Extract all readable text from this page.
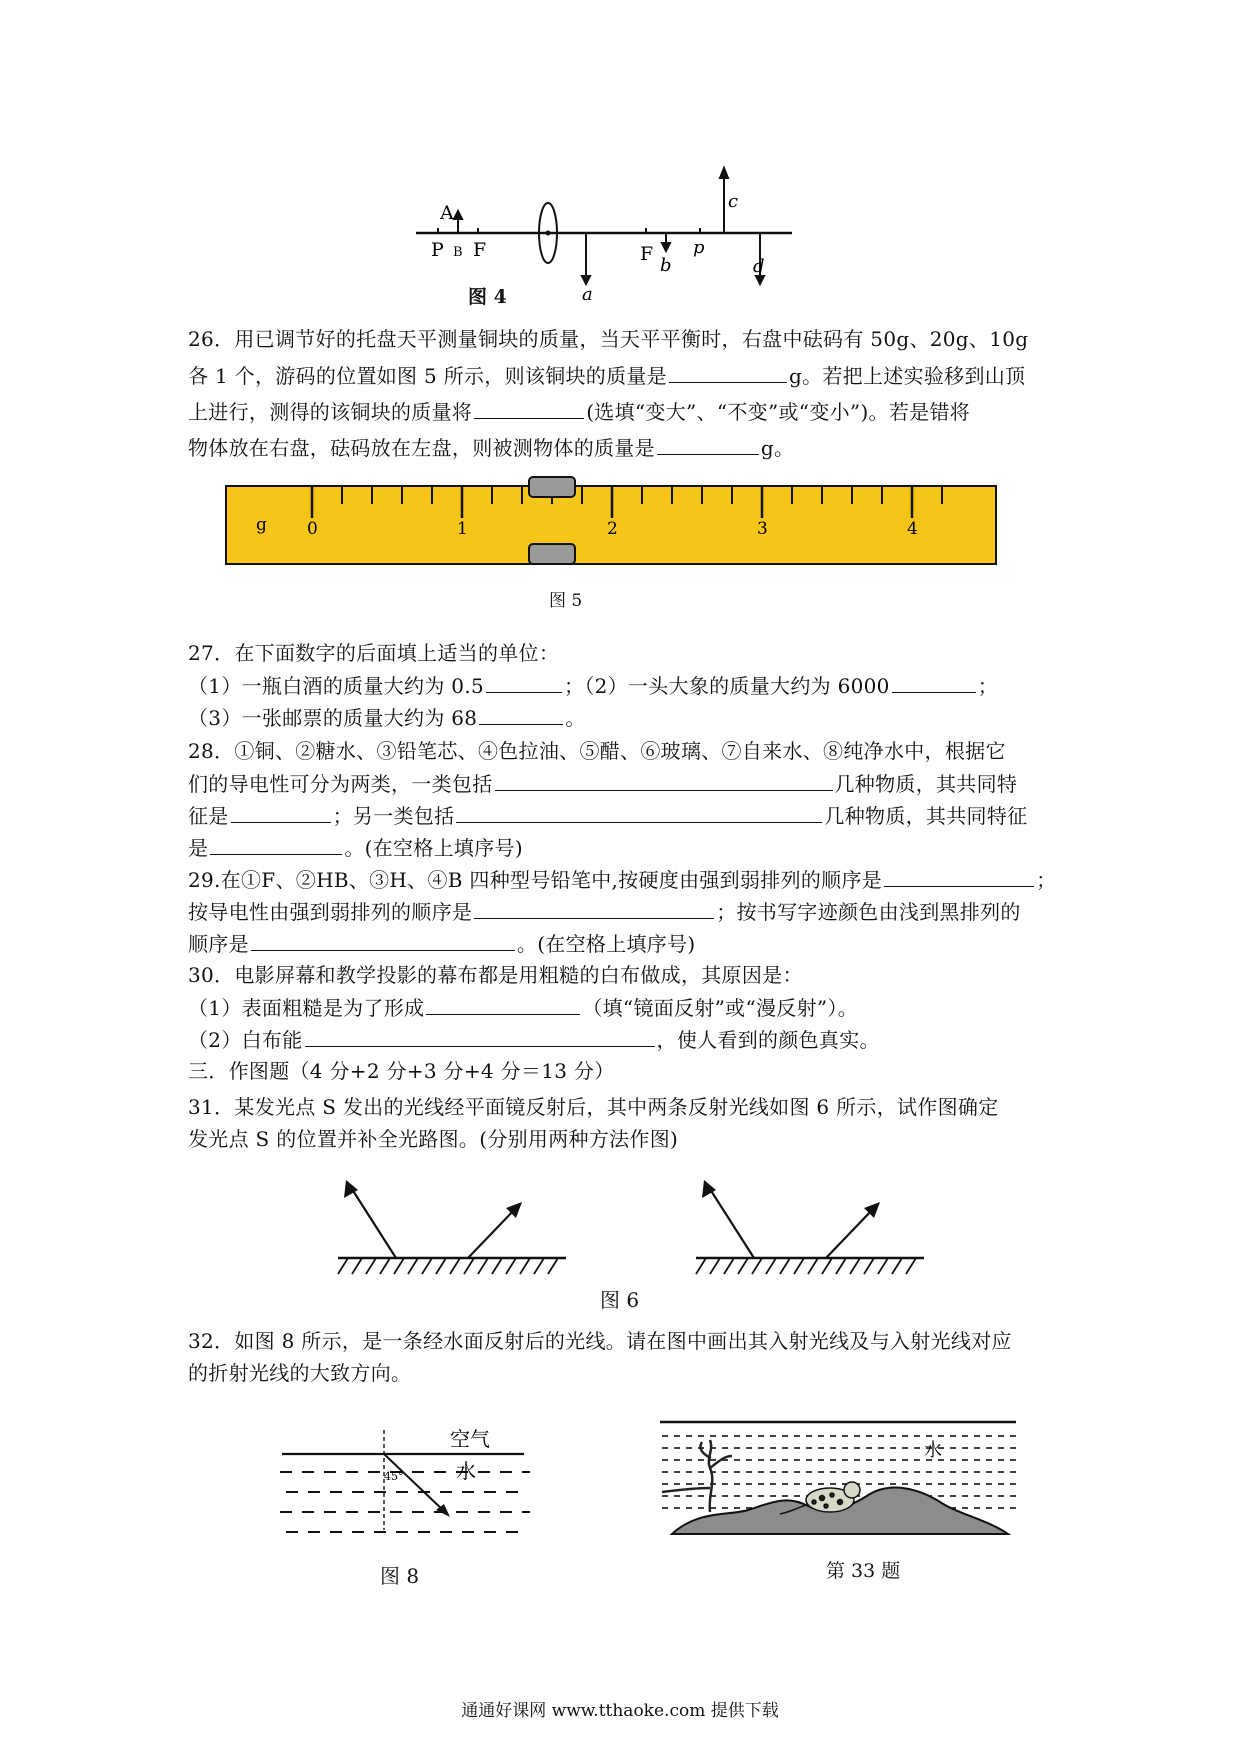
A
P B F	F p
a
b
c
d
图 4
26．用已调节好的托盘天平测量铜块的质量，当天平平衡时，右盘中砝码有 50g、20g、10g
各 1 个，游码的位置如图 5 所示，则该铜块的质量是	g。若把上述实验移到山顶
上进行，测得的该铜块的质量将	(选填“变大”、“不变”或“变小”)。若是错将
物体放在右盘，砝码放在左盘，则被测物体的质量是	g。
g 0	1	2	3	4
图 5
27．在下面数字的后面填上适当的单位：
（1）一瓶白酒的质量大约为 0.5	；（2）一头大象的质量大约为 6000	；
（3）一张邮票的质量大约为 68	。
28．①铜、②糖水、③铅笔芯、④色拉油、⑤醋、⑥玻璃、⑦自来水、⑧纯净水中，根据它
们的导电性可分为两类，一类包括	几种物质，其共同特
征是	；另一类包括	几种物质，其共同特征
是	。(在空格上填序号)
29.在①F、②HB、③H、④B 四种型号铅笔中,按硬度由强到弱排列的顺序是	；
按导电性由强到弱排列的顺序是	；按书写字迹颜色由浅到黑排列的
顺序是	。(在空格上填序号)
30．电影屏幕和教学投影的幕布都是用粗糙的白布做成，其原因是：
（1）表面粗糙是为了形成	（填“镜面反射”或“漫反射”）。
（2）白布能	，使人看到的颜色真实。
三．作图题（4 分+2 分+3 分+4 分＝13 分）
31．某发光点 S 发出的光线经平面镜反射后，其中两条反射光线如图 6 所示，试作图确定
发光点 S 的位置并补全光路图。(分别用两种方法作图)
图 6
32．如图 8 所示，是一条经水面反射后的光线。请在图中画出其入射光线及与入射光线对应
的折射光线的大致方向。
空气
水
45°
图 8
水
第 33 题
通通好课网 www.tthaoke.com 提供下载
